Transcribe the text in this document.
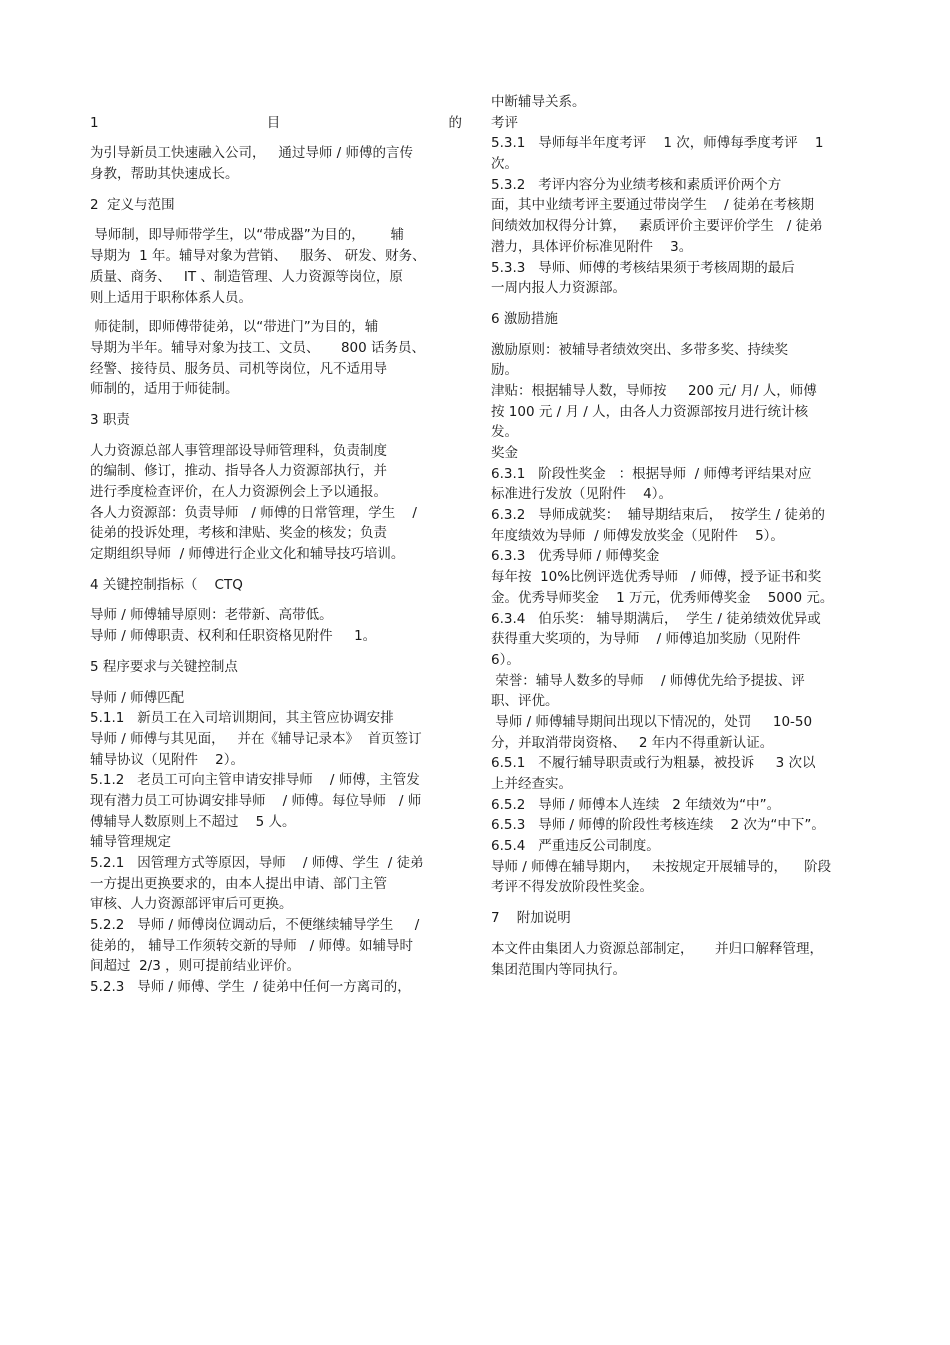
1	目	的
为引导新员工快速融入公司，   通过导师 / 师傅的言传
身教，帮助其快速成长。
2  定义与范围
导师制，即导师带学生，以“带成器”为目的，      辅
导期为  1 年。辅导对象为营销、   服务、 研发、财务、
质量、商务、   IT 、制造管理、人力资源等岗位，原
则上适用于职称体系人员。
师徒制，即师傅带徒弟，以“带进门”为目的，辅
导期为半年。辅导对象为技工、文员、     800 话务员、
经警、接待员、服务员、司机等岗位，凡不适用导
师制的，适用于师徒制。
3 职责
人力资源总部人事管理部设导师管理科，负责制度
的编制、修订，推动、指导各人力资源部执行，并
进行季度检查评价，在人力资源例会上予以通报。
各人力资源部：负责导师   / 师傅的日常管理，学生    /
徒弟的投诉处理，考核和津贴、奖金的核发；负责
定期组织导师  / 师傅进行企业文化和辅导技巧培训。
4 关键控制指标（    CTQ
导师 / 师傅辅导原则：老带新、高带低。
导师 / 师傅职责、权利和任职资格见附件     1。
5 程序要求与关键控制点
导师 / 师傅匹配
5.1.1   新员工在入司培训期间，其主管应协调安排
导师 / 师傅与其见面，   并在《辅导记录本》  首页签订
辅导协议（见附件    2）。
5.1.2   老员工可向主管申请安排导师    / 师傅，主管发
现有潜力员工可协调安排导师    / 师傅。每位导师   / 师
傅辅导人数原则上不超过    5 人。
辅导管理规定
5.2.1   因管理方式等原因，导师    / 师傅、学生  / 徒弟
一方提出更换要求的，由本人提出申请、部门主管
审核、人力资源部评审后可更换。
5.2.2   导师 / 师傅岗位调动后，不便继续辅导学生     /
徒弟的， 辅导工作须转交新的导师   / 师傅。如辅导时
间超过  2/3 ，则可提前结业评价。
5.2.3   导师 / 师傅、学生  / 徒弟中任何一方离司的，
中断辅导关系。
考评
5.3.1   导师每半年度考评    1 次，师傅每季度考评    1
次。
5.3.2   考评内容分为业绩考核和素质评价两个方
面，其中业绩考评主要通过带岗学生    / 徒弟在考核期
间绩效加权得分计算，   素质评价主要评价学生   / 徒弟
潜力，具体评价标准见附件    3。
5.3.3   导师、师傅的考核结果须于考核周期的最后
一周内报人力资源部。
6 激励措施
激励原则：被辅导者绩效突出、多带多奖、持续奖
励。
津贴：根据辅导人数，导师按     200 元/ 月/ 人，师傅
按 100 元 / 月 / 人，由各人力资源部按月进行统计核
发。
奖金
6.3.1   阶段性奖金   ：根据导师  / 师傅考评结果对应
标准进行发放（见附件    4）。
6.3.2   导师成就奖：  辅导期结束后，  按学生 / 徒弟的
年度绩效为导师  / 师傅发放奖金（见附件    5）。
6.3.3   优秀导师 / 师傅奖金
每年按  10%比例评选优秀导师   / 师傅，授予证书和奖
金。优秀导师奖金    1 万元，优秀师傅奖金    5000 元。
6.3.4   伯乐奖： 辅导期满后，  学生 / 徒弟绩效优异或
获得重大奖项的，为导师    / 师傅追加奖励（见附件
6）。
荣誉：辅导人数多的导师    / 师傅优先给予提拔、评
职、评优。
导师 / 师傅辅导期间出现以下情况的，处罚     10-50
分，并取消带岗资格、   2 年内不得重新认证。
6.5.1   不履行辅导职责或行为粗暴，被投诉     3 次以
上并经查实。
6.5.2   导师 / 师傅本人连续   2 年绩效为“中”。
6.5.3   导师 / 师傅的阶段性考核连续    2 次为“中下”。
6.5.4   严重违反公司制度。
导师 / 师傅在辅导期内，   未按规定开展辅导的，    阶段
考评不得发放阶段性奖金。
7    附加说明
本文件由集团人力资源总部制定，     并归口解释管理，
集团范围内等同执行。
